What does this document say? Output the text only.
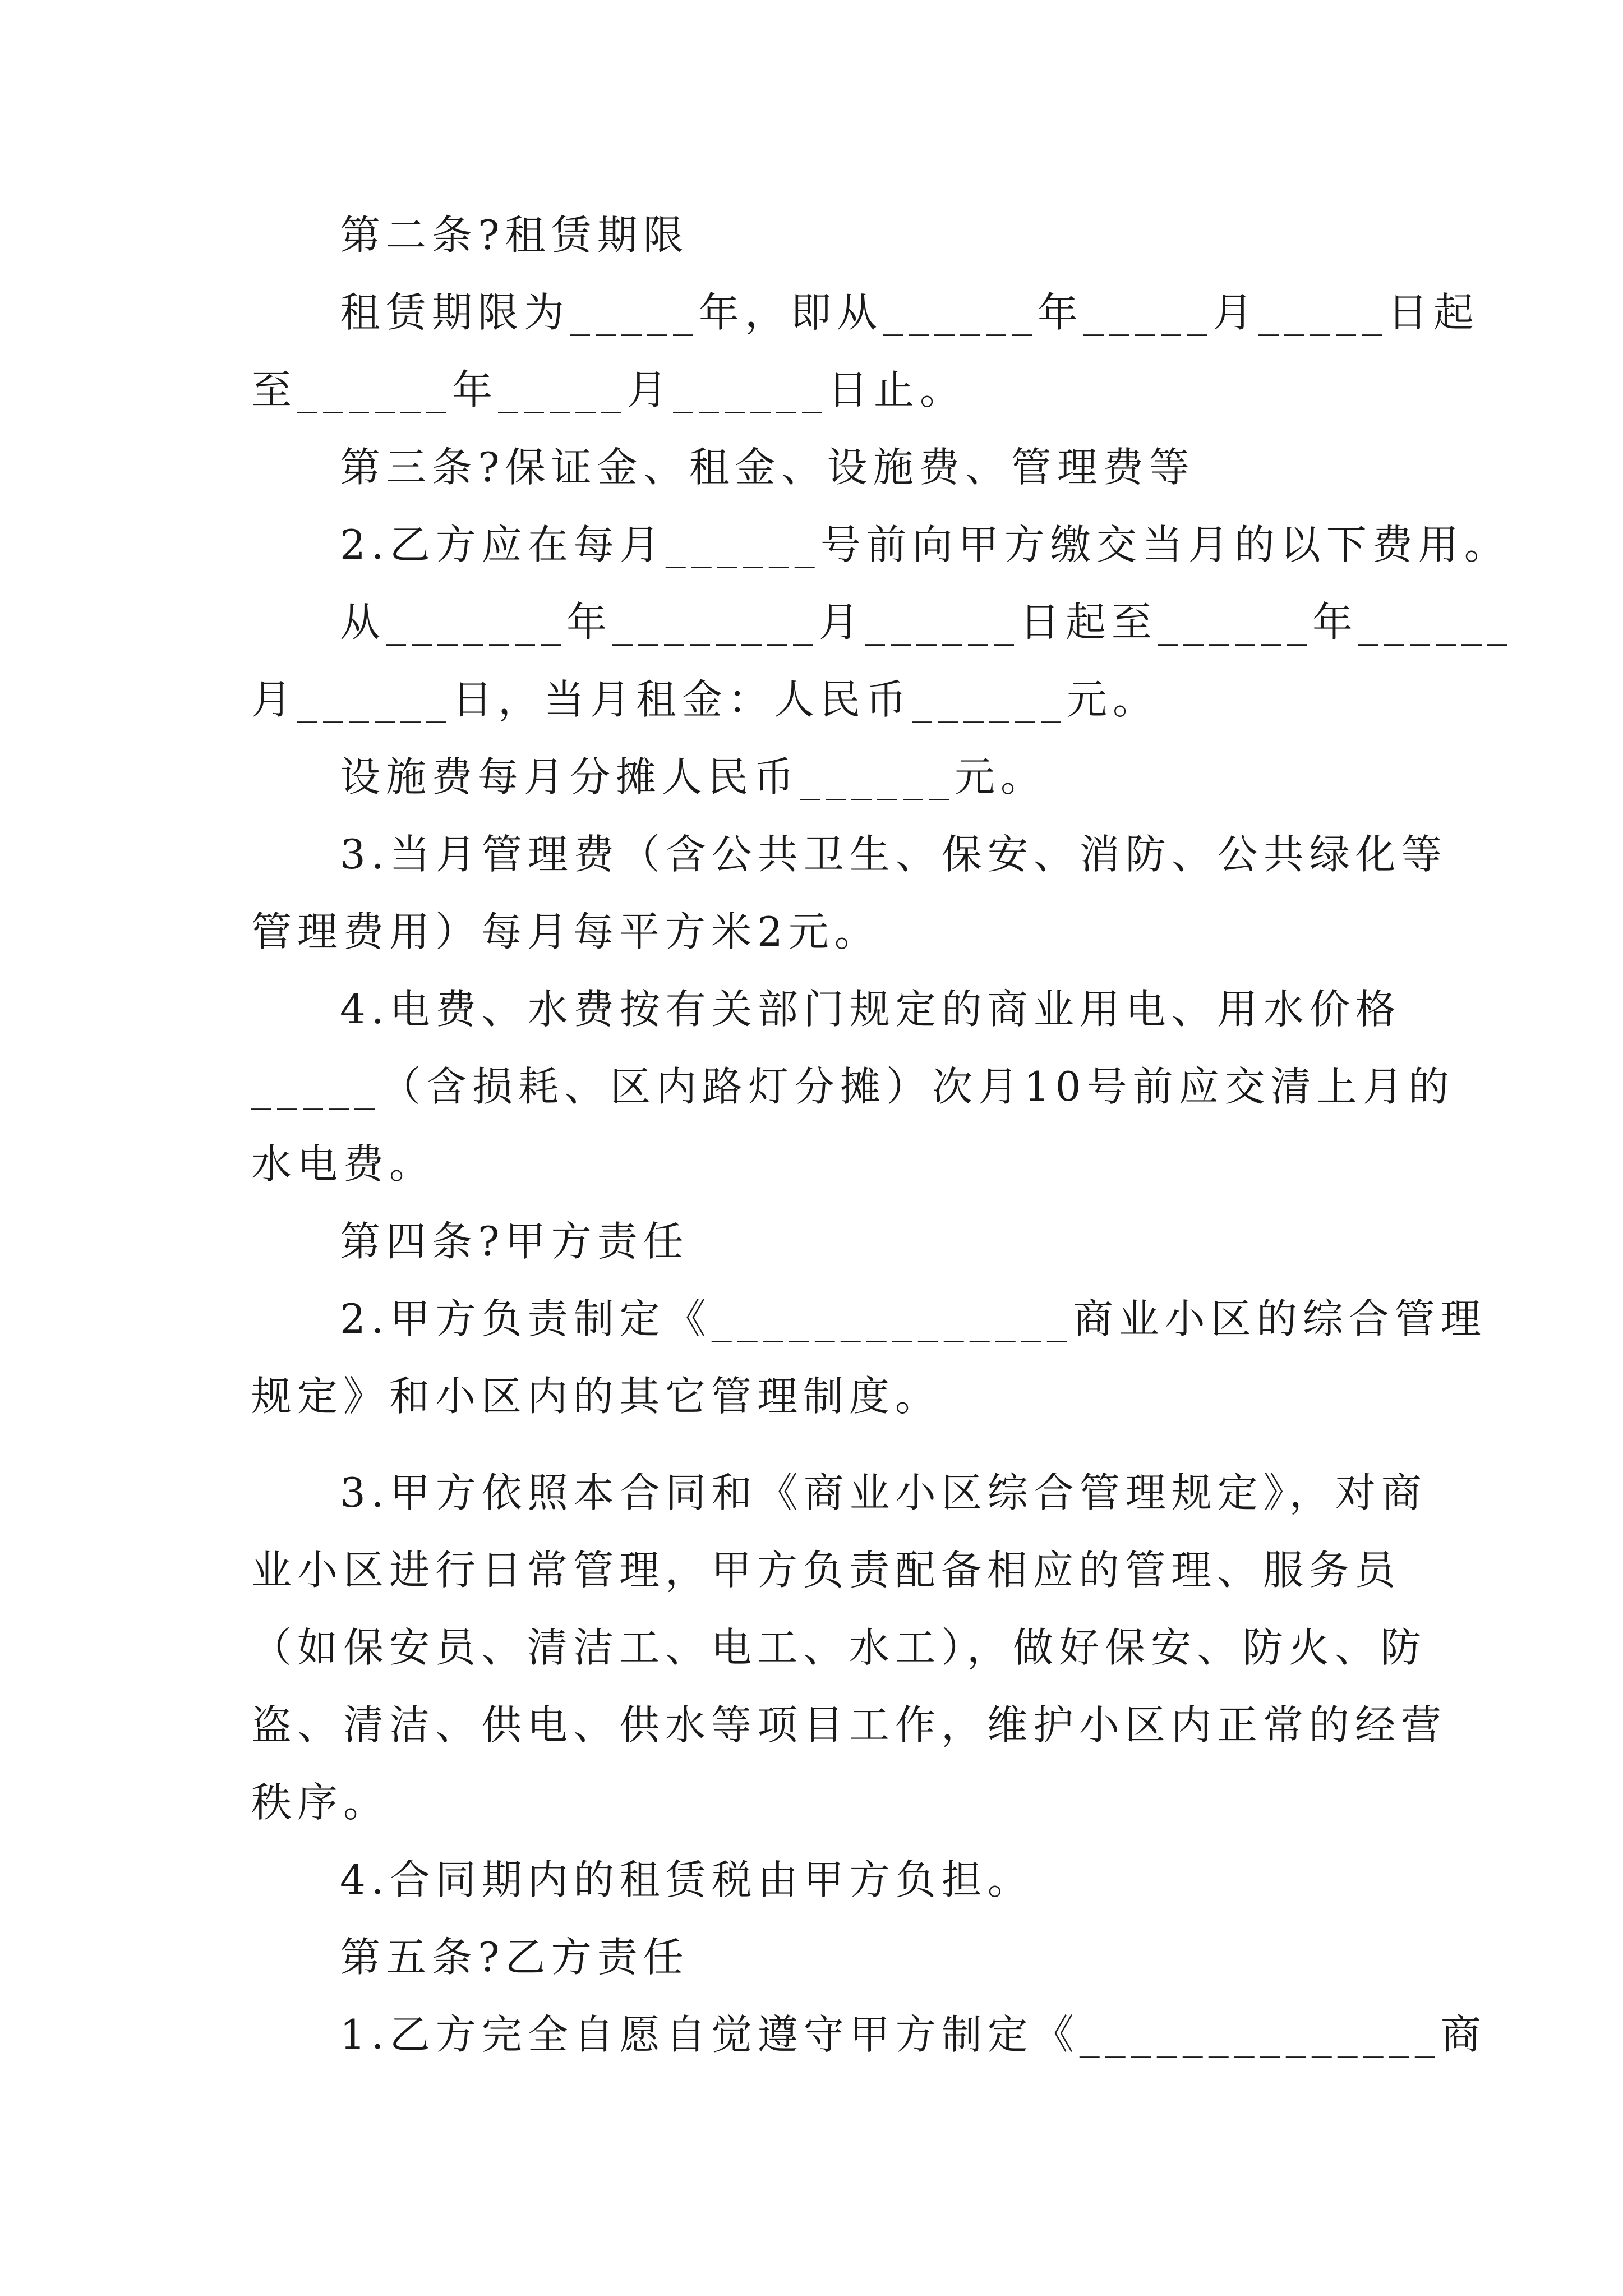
第二条?租赁期限
租赁期限为_____年，即从______年_____月_____日起
至______年_____月______日止。
第三条?保证金、租金、设施费、管理费等
2.乙方应在每月______号前向甲方缴交当月的以下费用。
从_______年________月______日起至______年______
月______日，当月租金：人民币______元。
设施费每月分摊人民币______元。
3.当月管理费（含公共卫生、保安、消防、公共绿化等
管理费用）每月每平方米2元。
4.电费、水费按有关部门规定的商业用电、用水价格
_____（含损耗、区内路灯分摊）次月10号前应交清上月的
水电费。
第四条?甲方责任
2.甲方负责制定《______________商业小区的综合管理
规定》和小区内的其它管理制度。
3.甲方依照本合同和《商业小区综合管理规定》，对商
业小区进行日常管理，甲方负责配备相应的管理、服务员
（如保安员、清洁工、电工、水工），做好保安、防火、防
盗、清洁、供电、供水等项目工作，维护小区内正常的经营
秩序。
4.合同期内的租赁税由甲方负担。
第五条?乙方责任
1.乙方完全自愿自觉遵守甲方制定《______________商
